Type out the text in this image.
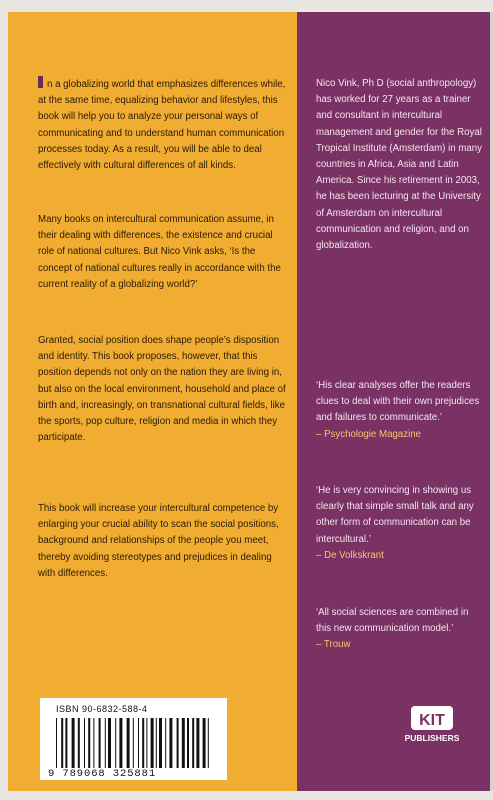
n a globalizing world that emphasizes differences while, at the same time, equalizing behavior and lifestyles, this book will help you to analyze your personal ways of communicating and to understand human communication processes today. As a result, you will be able to deal effectively with cultural differences of all kinds.

Many books on intercultural communication assume, in their dealing with differences, the existence and crucial role of national cultures. But Nico Vink asks, ‘Is the concept of national cultures really in accordance with the current reality of a globalizing world?’

Granted, social position does shape people’s disposition and identity. This book proposes, however, that this position depends not only on the nation they are living in, but also on the local environment, household and place of birth and, increasingly, on transnational cultural fields, like the sports, pop culture, religion and media in which they participate.

This book will increase your intercultural competence by enlarging your crucial ability to scan the social positions, background and relationships of the people you meet, thereby avoiding stereotypes and prejudices in dealing with differences.

Nico Vink, Ph D (social anthropology) has worked for 27 years as a trainer and consultant in intercultural management and gender for the Royal Tropical Institute (Amsterdam) in many countries in Africa, Asia and Latin America. Since his retirement in 2003, he has been lecturing at the University of Amsterdam on intercultural communication and religion, and on globalization.

‘His clear analyses offer the readers clues to deal with their own prejudices and failures to communicate.’
– Psychologie Magazine

‘He is very convincing in showing us clearly that simple small talk and any other form of communication can be intercultural.’
– De Volkskrant

‘All social sciences are combined in this new communication model.’
– Trouw

ISBN 90-6832-588-4
9 789068 325881
KIT
PUBLISHERS
